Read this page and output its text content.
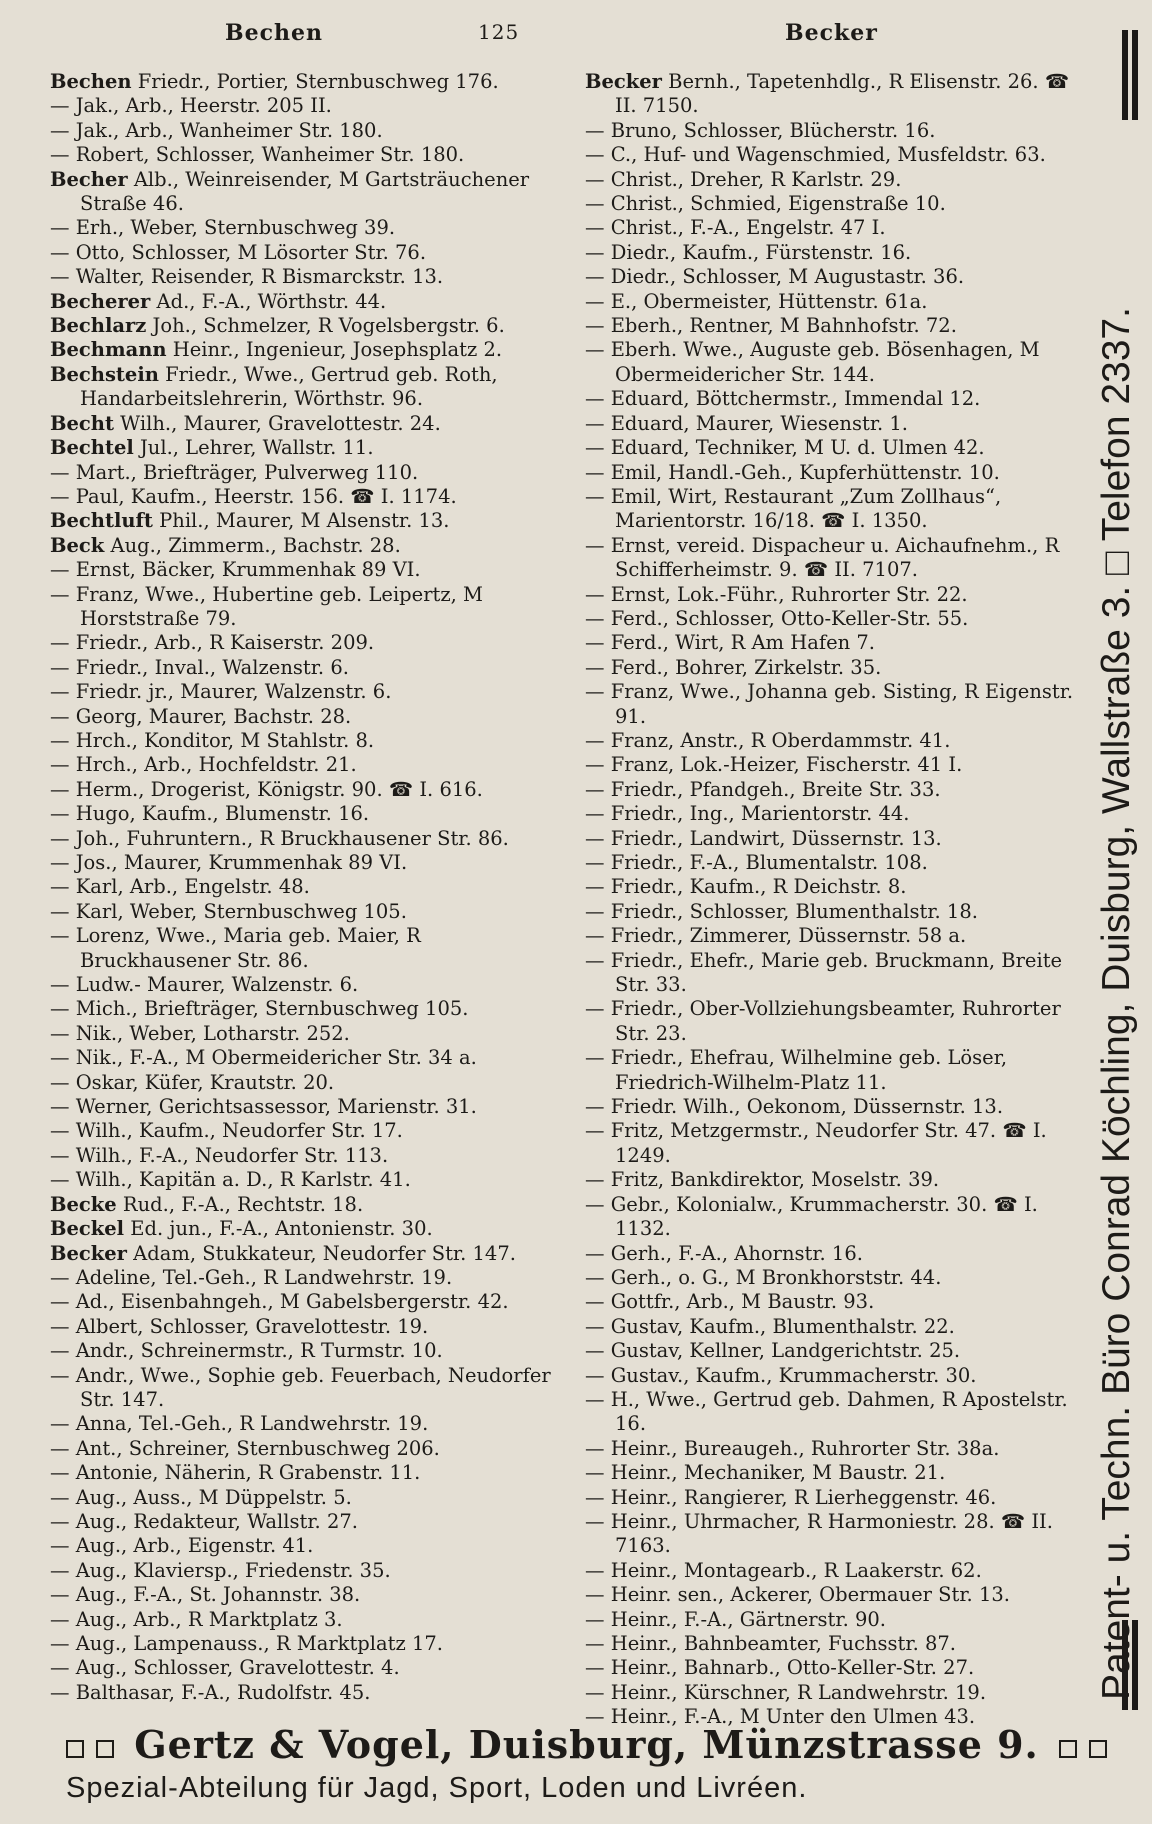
Bechen	125	Becker
Bechen Friedr., Portier, Sternbuschweg 176.
— Jak., Arb., Heerstr. 205 II.
— Jak., Arb., Wanheimer Str. 180.
— Robert, Schlosser, Wanheimer Str. 180.
Becher Alb., Weinreisender, M Gartsträuchener Straße 46.
— Erh., Weber, Sternbuschweg 39.
— Otto, Schlosser, M Lösorter Str. 76.
— Walter, Reisender, R Bismarckstr. 13.
Becherer Ad., F.-A., Wörthstr. 44.
Bechlarz Joh., Schmelzer, R Vogelsbergstr. 6.
Bechmann Heinr., Ingenieur, Josephsplatz 2.
Bechstein Friedr., Wwe., Gertrud geb. Roth, Handarbeitslehrerin, Wörthstr. 96.
Becht Wilh., Maurer, Gravelottestr. 24.
Bechtel Jul., Lehrer, Wallstr. 11.
— Mart., Briefträger, Pulverweg 110.
— Paul, Kaufm., Heerstr. 156. ☎ I. 1174.
Bechtluft Phil., Maurer, M Alsenstr. 13.
Beck Aug., Zimmerm., Bachstr. 28.
— Ernst, Bäcker, Krummenhak 89 VI.
— Franz, Wwe., Hubertine geb. Leipertz, M Horststraße 79.
— Friedr., Arb., R Kaiserstr. 209.
— Friedr., Inval., Walzenstr. 6.
— Friedr. jr., Maurer, Walzenstr. 6.
— Georg, Maurer, Bachstr. 28.
— Hrch., Konditor, M Stahlstr. 8.
— Hrch., Arb., Hochfeldstr. 21.
— Herm., Drogerist, Königstr. 90. ☎ I. 616.
— Hugo, Kaufm., Blumenstr. 16.
— Joh., Fuhruntern., R Bruckhausener Str. 86.
— Jos., Maurer, Krummenhak 89 VI.
— Karl, Arb., Engelstr. 48.
— Karl, Weber, Sternbuschweg 105.
— Lorenz, Wwe., Maria geb. Maier, R Bruckhausener Str. 86.
— Ludw.- Maurer, Walzenstr. 6.
— Mich., Briefträger, Sternbuschweg 105.
— Nik., Weber, Lotharstr. 252.
— Nik., F.-A., M Obermeidericher Str. 34 a.
— Oskar, Küfer, Krautstr. 20.
— Werner, Gerichtsassessor, Marienstr. 31.
— Wilh., Kaufm., Neudorfer Str. 17.
— Wilh., F.-A., Neudorfer Str. 113.
— Wilh., Kapitän a. D., R Karlstr. 41.
Becke Rud., F.-A., Rechtstr. 18.
Beckel Ed. jun., F.-A., Antonienstr. 30.
Becker Adam, Stukkateur, Neudorfer Str. 147.
— Adeline, Tel.-Geh., R Landwehrstr. 19.
— Ad., Eisenbahngeh., M Gabelsbergerstr. 42.
— Albert, Schlosser, Gravelottestr. 19.
— Andr., Schreinermstr., R Turmstr. 10.
— Andr., Wwe., Sophie geb. Feuerbach, Neudorfer Str. 147.
— Anna, Tel.-Geh., R Landwehrstr. 19.
— Ant., Schreiner, Sternbuschweg 206.
— Antonie, Näherin, R Grabenstr. 11.
— Aug., Auss., M Düppelstr. 5.
— Aug., Redakteur, Wallstr. 27.
— Aug., Arb., Eigenstr. 41.
— Aug., Klaviersp., Friedenstr. 35.
— Aug., F.-A., St. Johannstr. 38.
— Aug., Arb., R Marktplatz 3.
— Aug., Lampenauss., R Marktplatz 17.
— Aug., Schlosser, Gravelottestr. 4.
— Balthasar, F.-A., Rudolfstr. 45.
Becker Bernh., Tapetenhdlg., R Elisenstr. 26. ☎ II. 7150.
— Bruno, Schlosser, Blücherstr. 16.
— C., Huf- und Wagenschmied, Musfeldstr. 63.
— Christ., Dreher, R Karlstr. 29.
— Christ., Schmied, Eigenstraße 10.
— Christ., F.-A., Engelstr. 47 I.
— Diedr., Kaufm., Fürstenstr. 16.
— Diedr., Schlosser, M Augustastr. 36.
— E., Obermeister, Hüttenstr. 61a.
— Eberh., Rentner, M Bahnhofstr. 72.
— Eberh. Wwe., Auguste geb. Bösenhagen, M Obermeidericher Str. 144.
— Eduard, Böttchermstr., Immendal 12.
— Eduard, Maurer, Wiesenstr. 1.
— Eduard, Techniker, M U. d. Ulmen 42.
— Emil, Handl.-Geh., Kupferhüttenstr. 10.
— Emil, Wirt, Restaurant „Zum Zollhaus“, Marientorstr. 16/18. ☎ I. 1350.
— Ernst, vereid. Dispacheur u. Aichaufnehm., R Schifferheimstr. 9. ☎ II. 7107.
— Ernst, Lok.-Führ., Ruhrorter Str. 22.
— Ferd., Schlosser, Otto-Keller-Str. 55.
— Ferd., Wirt, R Am Hafen 7.
— Ferd., Bohrer, Zirkelstr. 35.
— Franz, Wwe., Johanna geb. Sisting, R Eigenstr. 91.
— Franz, Anstr., R Oberdammstr. 41.
— Franz, Lok.-Heizer, Fischerstr. 41 I.
— Friedr., Pfandgeh., Breite Str. 33.
— Friedr., Ing., Marientorstr. 44.
— Friedr., Landwirt, Düssernstr. 13.
— Friedr., F.-A., Blumentalstr. 108.
— Friedr., Kaufm., R Deichstr. 8.
— Friedr., Schlosser, Blumenthalstr. 18.
— Friedr., Zimmerer, Düssernstr. 58 a.
— Friedr., Ehefr., Marie geb. Bruckmann, Breite Str. 33.
— Friedr., Ober-Vollziehungsbeamter, Ruhrorter Str. 23.
— Friedr., Ehefrau, Wilhelmine geb. Löser, Friedrich-Wilhelm-Platz 11.
— Friedr. Wilh., Oekonom, Düssernstr. 13.
— Fritz, Metzgermstr., Neudorfer Str. 47. ☎ I. 1249.
— Fritz, Bankdirektor, Moselstr. 39.
— Gebr., Kolonialw., Krummacherstr. 30. ☎ I. 1132.
— Gerh., F.-A., Ahornstr. 16.
— Gerh., o. G., M Bronkhorststr. 44.
— Gottfr., Arb., M Baustr. 93.
— Gustav, Kaufm., Blumenthalstr. 22.
— Gustav, Kellner, Landgerichtstr. 25.
— Gustav., Kaufm., Krummacherstr. 30.
— H., Wwe., Gertrud geb. Dahmen, R Apostelstr. 16.
— Heinr., Bureaugeh., Ruhrorter Str. 38a.
— Heinr., Mechaniker, M Baustr. 21.
— Heinr., Rangierer, R Lierheggenstr. 46.
— Heinr., Uhrmacher, R Harmoniestr. 28. ☎ II. 7163.
— Heinr., Montagearb., R Laakerstr. 62.
— Heinr. sen., Ackerer, Obermauer Str. 13.
— Heinr., F.-A., Gärtnerstr. 90.
— Heinr., Bahnbeamter, Fuchsstr. 87.
— Heinr., Bahnarb., Otto-Keller-Str. 27.
— Heinr., Kürschner, R Landwehrstr. 19.
— Heinr., F.-A., M Unter den Ulmen 43.
Patent- u. Techn. Büro Conrad Köchling, Duisburg, Wallstraße 3. □ Telefon 2337.
Gertz & Vogel, Duisburg, Münzstrasse 9.
Spezial-Abteilung für Jagd, Sport, Loden und Livréen.
